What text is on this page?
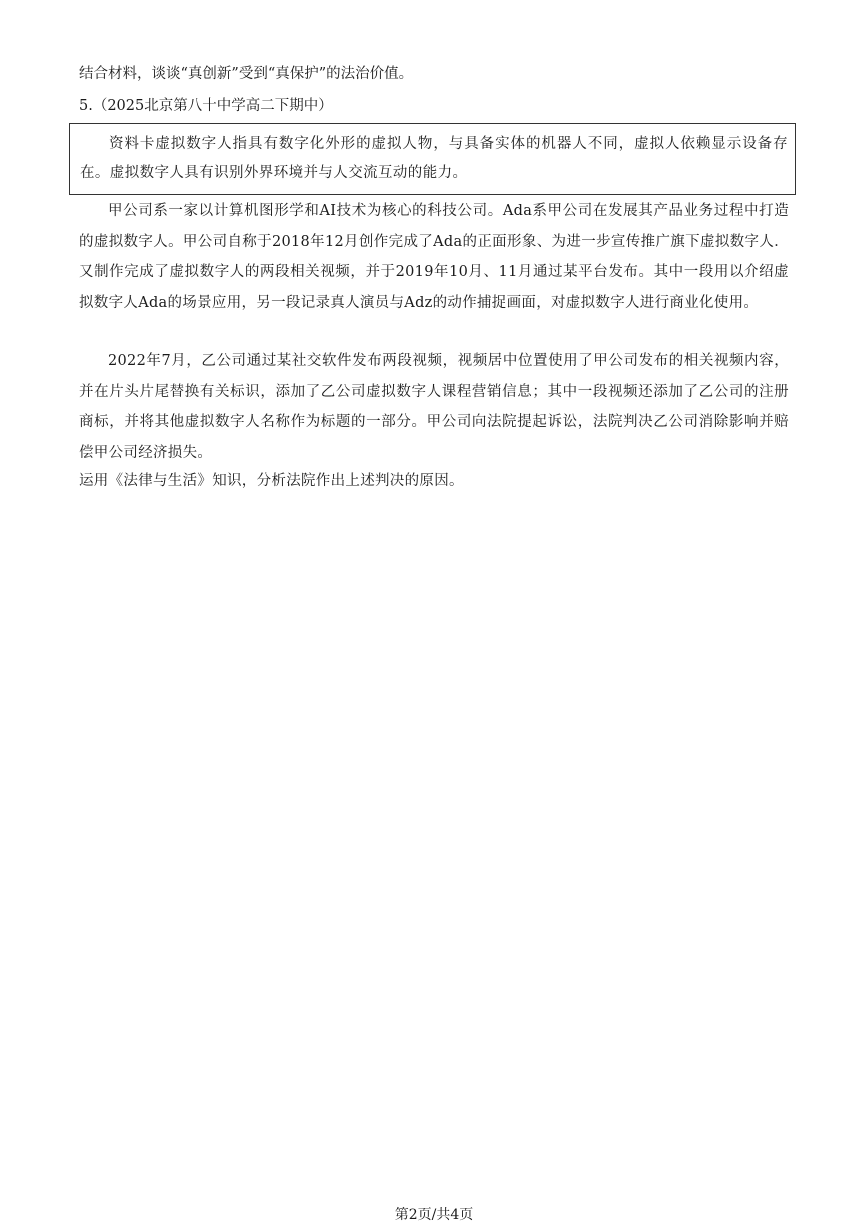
结合材料，谈谈“真创新”受到“真保护”的法治价值。
5.（2025北京第八十中学高二下期中）
资料卡虚拟数字人指具有数字化外形的虚拟人物，与具备实体的机器人不同，虚拟人依赖显示设备存在。虚拟数字人具有识别外界环境并与人交流互动的能力。
甲公司系一家以计算机图形学和AI技术为核心的科技公司。Ada系甲公司在发展其产品业务过程中打造的虚拟数字人。甲公司自称于2018年12月创作完成了Ada的正面形象、为进一步宣传推广旗下虚拟数字人．又制作完成了虚拟数字人的两段相关视频，并于2019年10月、11月通过某平台发布。其中一段用以介绍虚拟数字人Ada的场景应用，另一段记录真人演员与Adz的动作捕捉画面，对虚拟数字人进行商业化使用。
2022年7月，乙公司通过某社交软件发布两段视频，视频居中位置使用了甲公司发布的相关视频内容，并在片头片尾替换有关标识，添加了乙公司虚拟数字人课程营销信息；其中一段视频还添加了乙公司的注册商标，并将其他虚拟数字人名称作为标题的一部分。甲公司向法院提起诉讼，法院判决乙公司消除影响并赔偿甲公司经济损失。
运用《法律与生活》知识，分析法院作出上述判决的原因。
第2页/共4页
